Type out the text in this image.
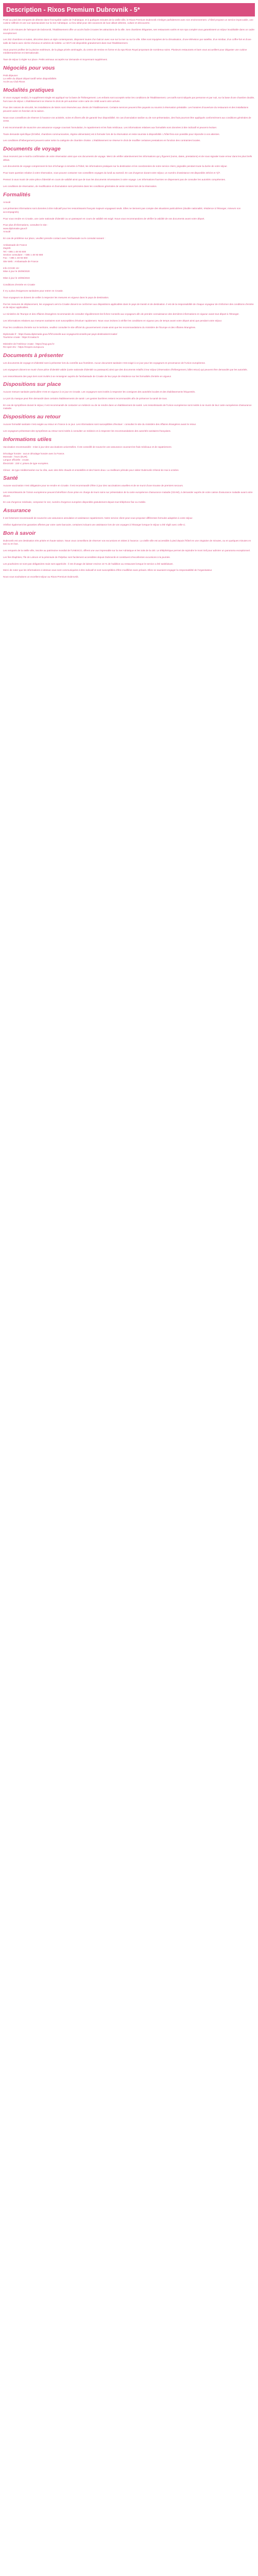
Description - Rixos Premium Dubrovnik - 5*
Posé au pied des remparts de détente dans l'incroyable cadre de l'Adriatique, et à quelques minutes de la vieille ville, le Rixos Premium Dubrovnik s'intègre parfaitement avec son environnement. L'hôtel propose un service impeccable, une cuisine raffinée et une vue spectaculaire sur la mer Adriatique. Le lieu idéal pour des vacances de luxe alliant détente, culture et découverte.
Situé à 20 minutes de l'aéroport de Dubrovnik, l'établissement offre un accès facile à toutes les attractions de la ville. Ses chambres élégantes, ses restaurants variés et son spa complet vous garantissent un séjour inoubliable dans un cadre exceptionnel.
Les 252 chambres et suites, décorées dans un style contemporain, disposent toutes d'un balcon avec vue sur la mer ou sur la ville. Elles sont équipées de la climatisation, d'une télévision par satellite, d'un minibar, d'un coffre-fort et d'une salle de bains avec sèche-cheveux et articles de toilette. Le Wi-Fi est disponible gratuitement dans tout l'établissement.
Vous pourrez profiter de la piscine extérieure, de la plage privée aménagée, du centre de remise en forme et du spa Rixos Royal proposant de nombreux soins. Plusieurs restaurants et bars vous accueillent pour déguster une cuisine méditerranéenne et internationale.
Taxe de séjour à régler sur place. Petits animaux acceptés sur demande et moyennant supplément.
Négociés pour vous
Petit déjeuner
La veille du départ départ tardif selon disponibilités
Accès au Club Rixos
Modalités pratiques
Si vous voyagez seul(e), le supplément single est appliqué sur la base de l'hébergement. Les enfants sont acceptés selon les conditions de l'établissement. Les tarifs sont indiqués par personne et par nuit, sur la base d'une chambre double, hors taxe de séjour. L'établissement se réserve le droit de pré-autoriser votre carte de crédit avant votre arrivée.
Pour des raisons de sécurité, les installations de loisirs sont réservées aux clients de l'établissement. Certains services peuvent être payants ou soumis à réservation préalable. Les horaires d'ouverture du restaurant et des installations peuvent varier en fonction de la saison.
Nous vous conseillons de réserver à l'avance vos activités, soins et dîners afin de garantir leur disponibilité. En cas d'annulation tardive ou de non-présentation, des frais pourront être appliqués conformément aux conditions générales de vente.
Il est recommandé de souscrire une assurance voyage couvrant l'annulation, le rapatriement et les frais médicaux. Les informations relatives aux formalités sont données à titre indicatif et peuvent évoluer.
Toute demande spécifique (lit bébé, chambres communicantes, régime alimentaire) est à formuler lors de la réservation et reste soumise à disponibilité. L'hôtel fera son possible pour répondre à vos attentes.
Les conditions d'hébergement peuvent varier selon la catégorie de chambre choisie. L'établissement se réserve le droit de modifier certaines prestations en fonction des contraintes locales.
Documents de voyage
Vous recevrez par e-mail la confirmation de votre réservation ainsi que vos documents de voyage. Merci de vérifier attentivement les informations qui y figurent (noms, dates, prestations) et de nous signaler toute erreur dans les plus brefs délais.
Les documents de voyage comprennent le bon d'échange à remettre à l'hôtel, les informations pratiques sur la destination et les coordonnées de notre service client, joignable pendant toute la durée de votre séjour.
Pour toute question relative à votre réservation, vous pouvez contacter nos conseillers voyages du lundi au samedi. En cas d'urgence durant votre séjour, un numéro d'assistance est disponible 24h/24 et 7j/7.
Pensez à vous munir de votre pièce d'identité en cours de validité ainsi que de tous les documents nécessaires à votre voyage. Les informations fournies ne dispensent pas de consulter les autorités compétentes.
Les conditions de réservation, de modification et d'annulation sont précisées dans les conditions générales de vente remises lors de la réservation.
Formalités
Annulé
Les présentes informations sont données à titre indicatif pour les ressortissants français majeurs voyageant seuls. Elles ne tiennent pas compte des situations particulières (double nationalité, résidence à l'étranger, mineurs non accompagnés).
Pour vous rendre en Croatie, une carte nationale d'identité ou un passeport en cours de validité est exigé. Nous vous recommandons de vérifier la validité de vos documents avant votre départ.
Pour plus d'informations, consultez le site :
www.diplomatie.gouv.fr
Annulé
En cas de problème sur place, veuillez prendre contact avec l'ambassade ou le consulat suivant :
Ambassade de France
Zagreb
Tel: +385 1 48 93 600
Section consulaire : +385 1 48 93 680
Fax : +385 1 48 93 660
Site Web : Ambassade de France
Info COVID 19 :
Mise à jour le 25/09/2020
Mise à jour le 19/06/2023
Conditions d'entrée en Croatie
Il n'y a plus d'exigences sanitaires pour entrer en Croatie.
Tous voyageurs se doivent de veiller à respecter les mesures en vigueur dans le pays de destination.
Par les mesures de déplacement, les voyageurs vers la Croatie doivent se conformer aux dispositions applicables dans le pays de transit et de destination. Il est de la responsabilité de chaque voyageur de s'informer des conditions d'entrée et de séjour applicables.
Le ministère de l'Europe et des Affaires étrangères recommande de consulter régulièrement les fiches Conseils aux voyageurs afin de prendre connaissance des dernières informations en vigueur avant tout départ à l'étranger.
Les informations relatives aux mesures sanitaires sont susceptibles d'évoluer rapidement. Nous vous invitons à vérifier les conditions en vigueur peu de temps avant votre départ ainsi que pendant votre séjour.
Pour les conditions d'entrée sur le territoire, veuillez consulter le site officiel du gouvernement croate ainsi que les recommandations du ministère de l'Europe et des Affaires étrangères.
Diplomatie fr : https://www.diplomatie.gouv.fr/fr/conseils-aux-voyageurs/conseils-par-pays-destination/croatie/
Tourisme croate : https://croatia.hr
Ministère de l'Intérieur croate : https://mup.gov.hr
Re-open EU : https://reopen.europa.eu
Documents à présenter
Les documents de voyage et d'identité sont à présenter lors du contrôle aux frontières. Aucun document sanitaire n'est exigé à ce jour pour les voyageurs en provenance de l'Union européenne.
Les voyageurs doivent se munir d'une pièce d'identité valide (carte nationale d'identité ou passeport) ainsi que des documents relatifs à leur séjour (réservation d'hébergement, billet retour) qui peuvent être demandés par les autorités.
Les ressortissants des pays tiers sont invités à se renseigner auprès de l'ambassade de Croatie de leur pays de résidence sur les formalités d'entrée en vigueur.
Dispositions sur place
Aucune mesure sanitaire particulière n'est en vigueur à ce jour en Croatie. Les voyageurs sont invités à respecter les consignes des autorités locales et des établissements fréquentés.
Le port du masque peut être demandé dans certains établissements de santé. Les gestes barrières restent recommandés afin de préserver la santé de tous.
En cas de symptômes durant le séjour, il est recommandé de contacter un médecin ou de se rendre dans un établissement de santé. Les ressortissants de l'Union européenne sont invités à se munir de leur carte européenne d'assurance maladie.
Dispositions au retour
Aucune formalité sanitaire n'est exigée au retour en France à ce jour. Les informations sont susceptibles d'évoluer : consultez le site du ministère des Affaires étrangères avant le retour.
Les voyageurs présentant des symptômes au retour sont invités à consulter un médecin et à respecter les recommandations des autorités sanitaires françaises.
Informations utiles
Vaccination recommandée : mise à jour des vaccinations universelles. Il est conseillé de souscrire une assurance couvrant les frais médicaux et de rapatriement.
Décalage horaire : aucun décalage horaire avec la France.
Monnaie : l'euro (EUR).
Langue officielle : croate.
Électricité : 230 V, prises de type européen.
Climat : de type méditerranéen sur la côte, avec des étés chauds et ensoleillés et des hivers doux. La meilleure période pour visiter Dubrovnik s'étend de mai à octobre.
Santé
Aucune vaccination n'est obligatoire pour se rendre en Croatie. Il est recommandé d'être à jour des vaccinations usuelles et de se munir d'une trousse de premiers secours.
Les ressortissants de l'Union européenne peuvent bénéficier d'une prise en charge de leurs soins sur présentation de la carte européenne d'assurance maladie (CEAM), à demander auprès de votre caisse d'assurance maladie avant votre départ.
En cas d'urgence médicale, composez le 112, numéro d'urgence européen disponible gratuitement depuis tout téléphone fixe ou mobile.
Assurance
Il est fortement recommandé de souscrire une assurance annulation et assistance rapatriement. Notre service client peut vous proposer différentes formules adaptées à votre séjour.
Vérifiez également les garanties offertes par votre carte bancaire, certaines incluant une assistance lors de vos voyages à l'étranger lorsque le séjour a été réglé avec celle-ci.
Bon à savoir
Dubrovnik est une destination très prisée en haute saison. Nous vous conseillons de réserver vos excursions et visites à l'avance. La vieille ville est accessible à pied depuis l'hôtel en une vingtaine de minutes, ou en quelques minutes en taxi ou en bus.
Les remparts de la vieille ville, inscrite au patrimoine mondial de l'UNESCO, offrent une vue imprenable sur la mer Adriatique et les toits de la cité. Le téléphérique permet de rejoindre le mont Srđ pour admirer un panorama exceptionnel.
Les îles Élaphites, l'île de Lokrum et la péninsule de Pelješac sont facilement accessibles depuis Dubrovnik et constituent d'excellentes excursions à la journée.
Les pourboires ne sont pas obligatoires mais sont appréciés : il est d'usage de laisser environ 10 % de l'addition au restaurant lorsque le service a été satisfaisant.
Merci de noter que les informations ci-dessus vous sont communiquées à titre indicatif et sont susceptibles d'être modifiées sans préavis. Elles ne sauraient engager la responsabilité de l'organisateur.
Nous vous souhaitons un excellent séjour au Rixos Premium Dubrovnik.
